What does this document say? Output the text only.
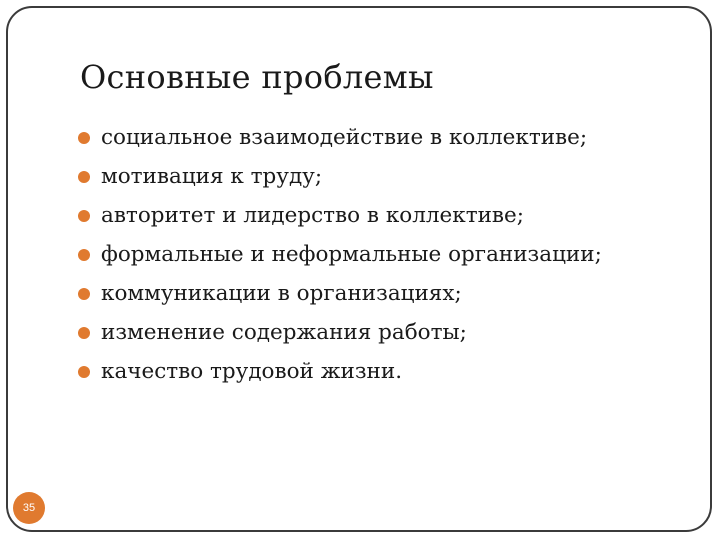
Основные проблемы
социальное взаимодействие в коллективе;
мотивация к труду;
авторитет и лидерство в коллективе;
формальные и неформальные организации;
коммуникации в организациях;
изменение содержания работы;
качество трудовой жизни.
35
